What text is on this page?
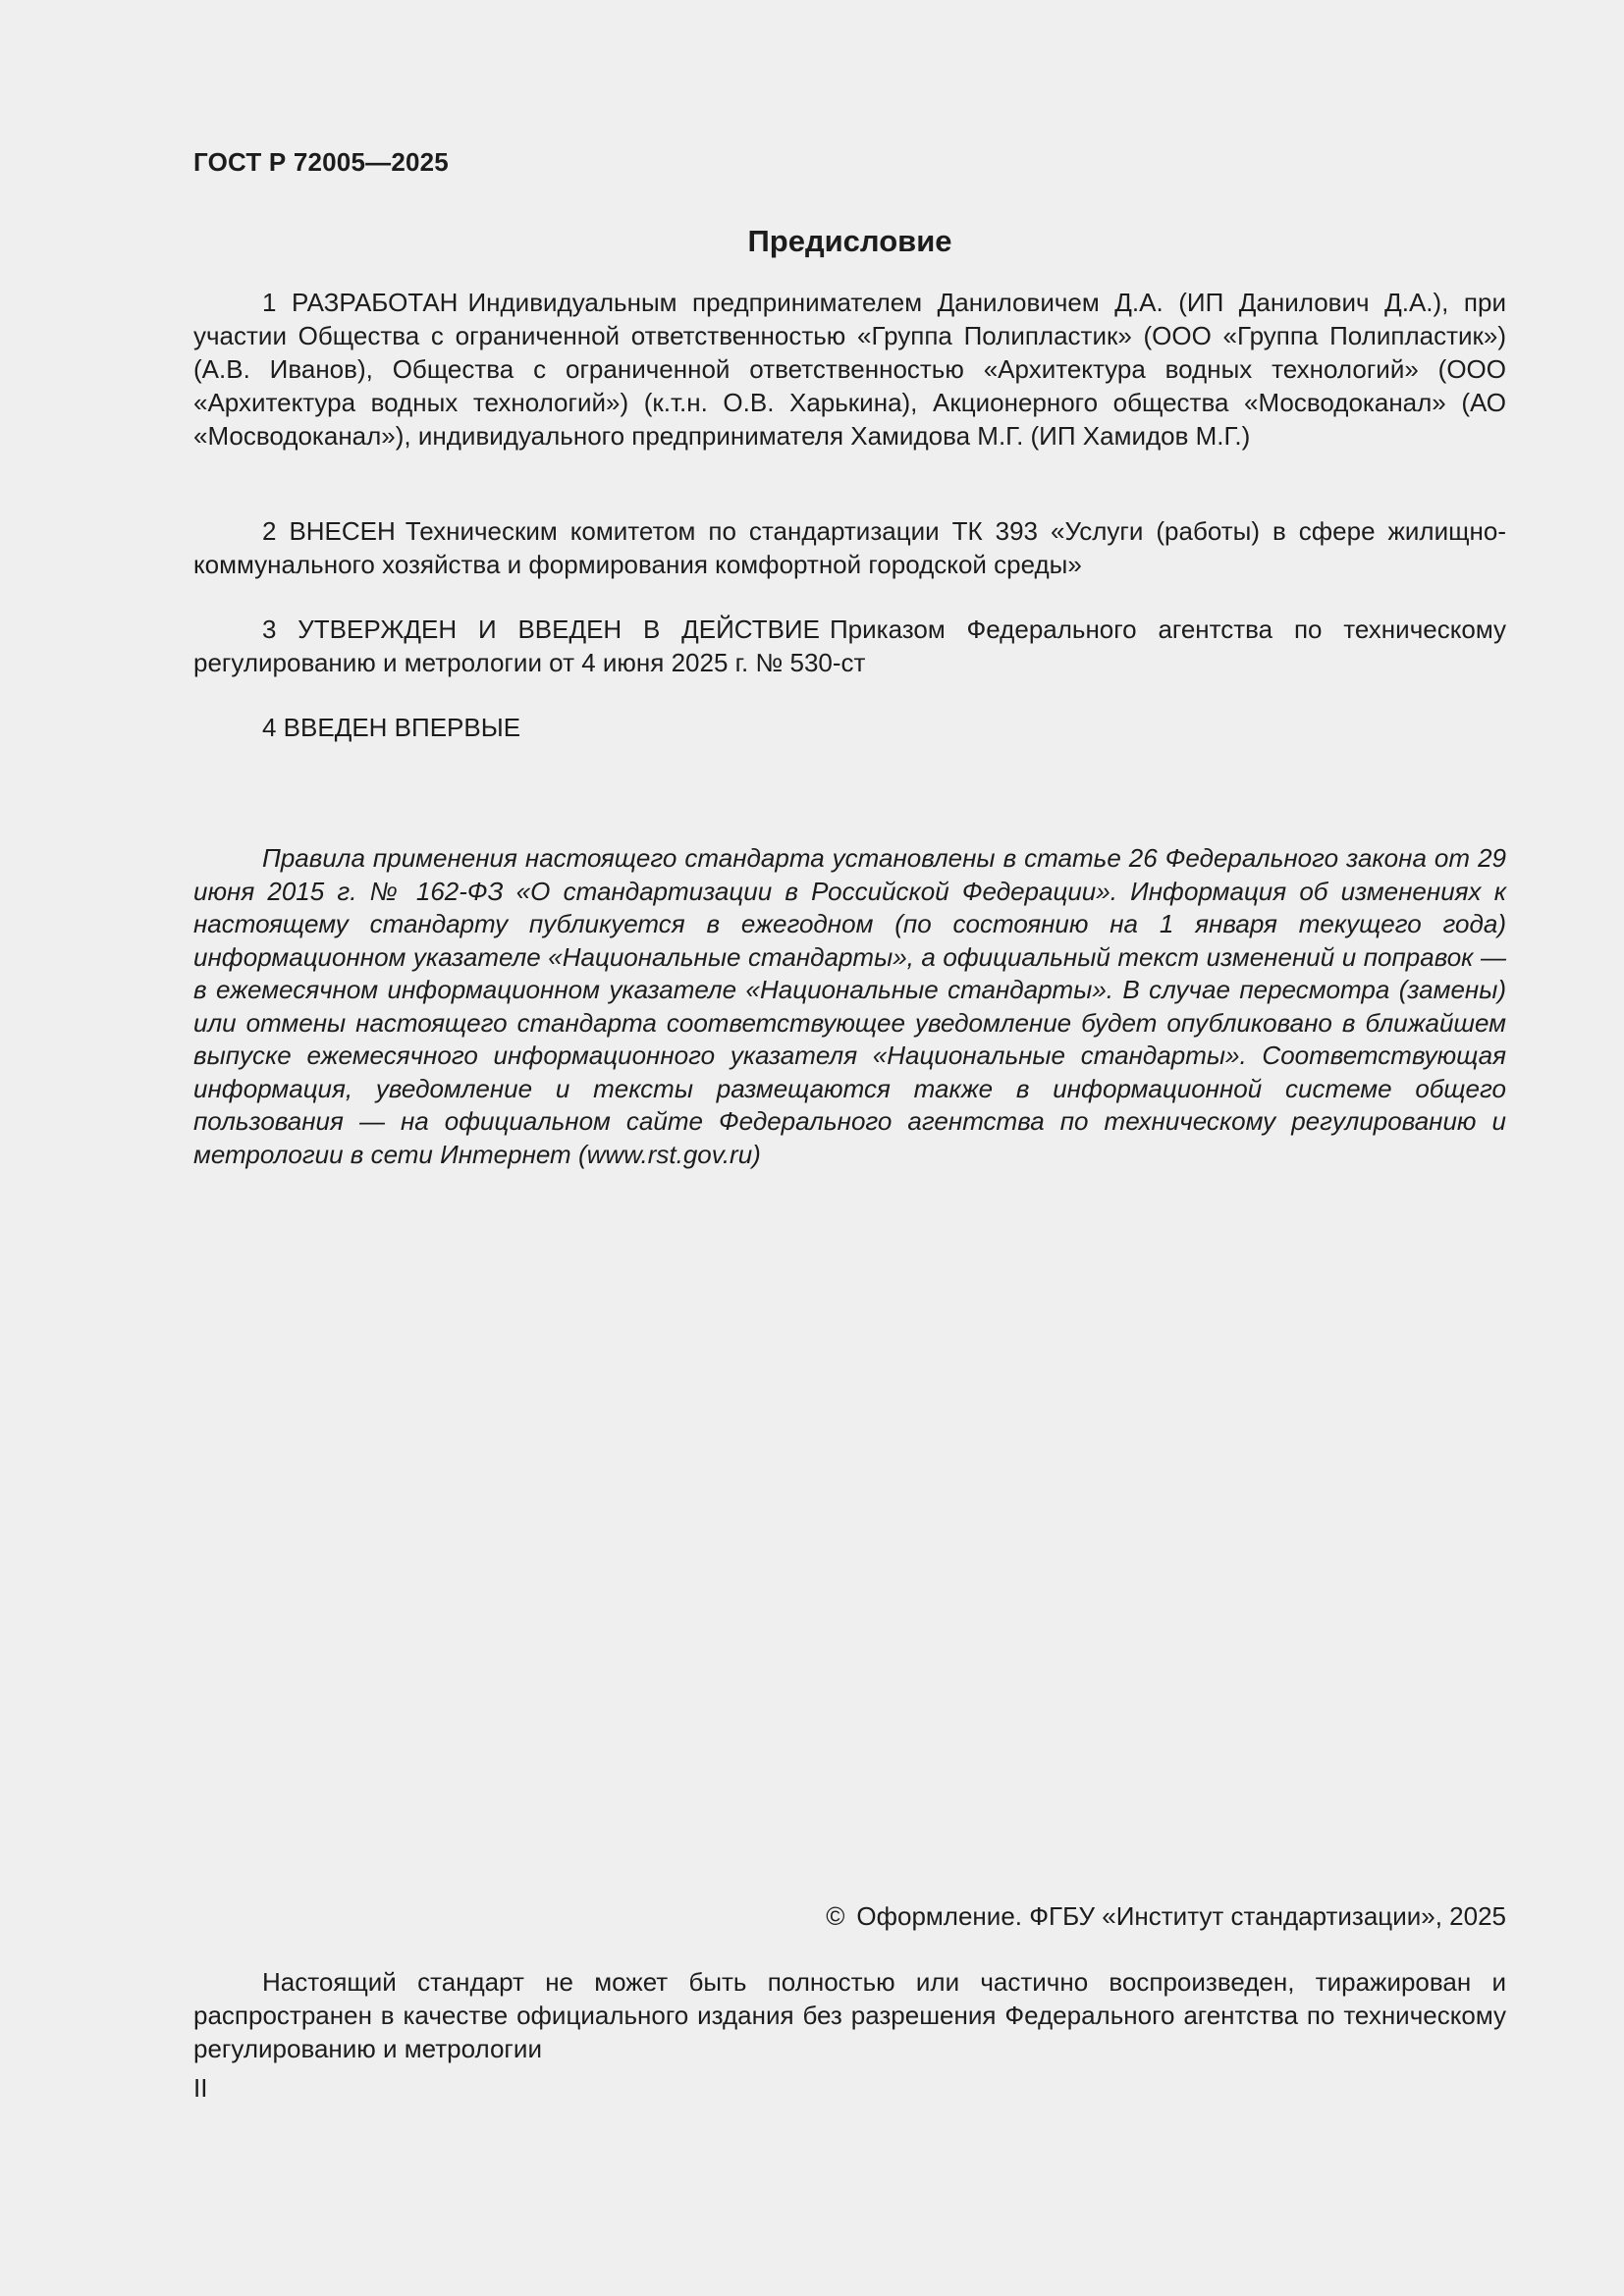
ГОСТ Р 72005—2025
Предисловие

1 РАЗРАБОТАН Индивидуальным предпринимателем Даниловичем Д.А. (ИП Данилович Д.А.), при участии Общества с ограниченной ответственностью «Группа Полипластик» (ООО «Группа Полипластик») (А.В. Иванов), Общества с ограниченной ответственностью «Архитектура водных технологий» (ООО «Архитектура водных технологий») (к.т.н. О.В. Харькина), Акционерного общества «Мосводоканал» (АО «Мосводоканал»), индивидуального предпринимателя Хамидова М.Г. (ИП Хамидов М.Г.)

2 ВНЕСЕН Техническим комитетом по стандартизации ТК 393 «Услуги (работы) в сфере жилищно-коммунального хозяйства и формирования комфортной городской среды»

3 УТВЕРЖДЕН И ВВЕДЕН В ДЕЙСТВИЕ Приказом Федерального агентства по техническому регулированию и метрологии от 4 июня 2025 г. № 530-ст

4 ВВЕДЕН ВПЕРВЫЕ

Правила применения настоящего стандарта установлены в статье 26 Федерального закона от 29 июня 2015 г. № 162-ФЗ «О стандартизации в Российской Федерации». Информация об изменениях к настоящему стандарту публикуется в ежегодном (по состоянию на 1 января текущего года) информационном указателе «Национальные стандарты», а официальный текст изменений и поправок — в ежемесячном информационном указателе «Национальные стандарты». В случае пересмотра (замены) или отмены настоящего стандарта соответствующее уведомление будет опубликовано в ближайшем выпуске ежемесячного информационного указателя «Национальные стандарты». Соответствующая информация, уведомление и тексты размещаются также в информационной системе общего пользования — на официальном сайте Федерального агентства по техническому регулированию и метрологии в сети Интернет (www.rst.gov.ru)

© Оформление. ФГБУ «Институт стандартизации», 2025

Настоящий стандарт не может быть полностью или частично воспроизведен, тиражирован и распространен в качестве официального издания без разрешения Федерального агентства по техническому регулированию и метрологии

II
